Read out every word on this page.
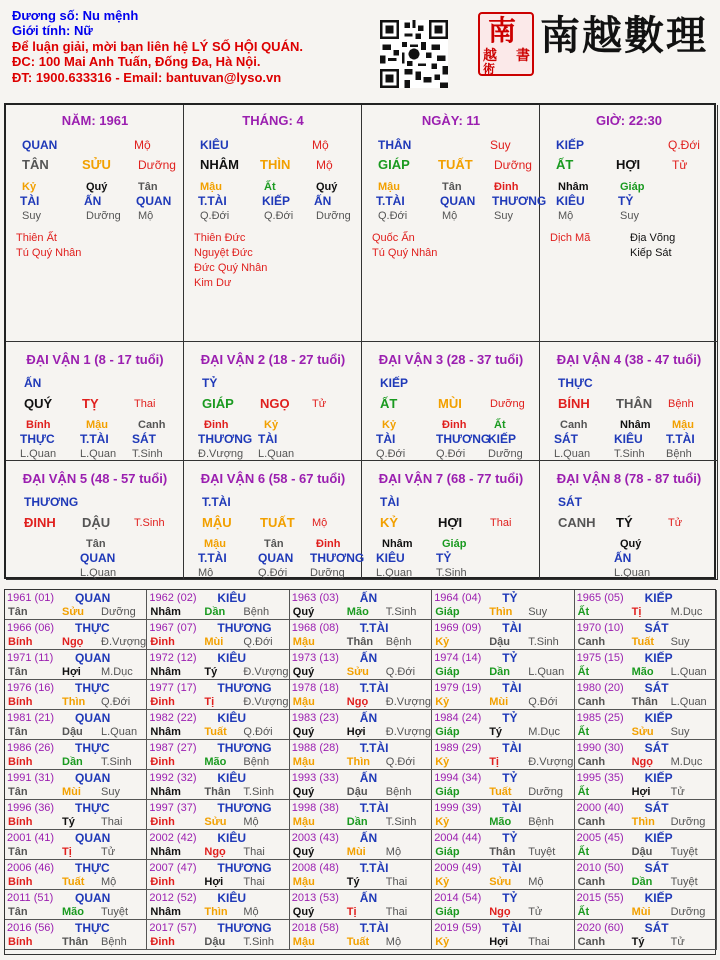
Đương số: Nu mệnh
Giới tính: Nữ
Để luận giải, mời bạn liên hệ LÝ SỐ HỘI QUÁN.
ĐC: 100 Mai Anh Tuấn, Đống Đa, Hà Nội.
ĐT: 1900.633316 - Email: bantuvan@lyso.vn
南
越
術
書 南越數理
NĂM: 1961
QUAN	Mộ
TÂN	SỬU Dưỡng
Kỷ
TÀI
Suy
Quý
ẤN
Dưỡng
Tân
QUAN
Mộ
Thiên Ất
Tú Quý Nhân
THÁNG: 4
KIÊU	Mộ
NHÂM THÌN Mộ
Mậu
T.TÀI
Q.Đới
Ất
KIẾP
Q.Đới
Quý
ẤN
Dưỡng
Thiên Đức
Nguyệt Đức
Đức Quý Nhân
Kim Dư
NGÀY: 11
THÂN	Suy
GIÁP TUẤT Dưỡng
Mậu
T.TÀI
Q.Đới
Tân
QUAN
Mộ
Đinh
THƯƠNG
Suy
Quốc Ấn
Tú Quý Nhân
GIỜ: 22:30
KIẾP	Q.Đới
ẤT	HỢI	Tử
Nhâm
KIÊU
Mộ
Giáp
TỶ
Suy
Dịch Mã	Địa Võng
Kiếp Sát
ĐẠI VẬN 1 (8 - 17 tuổi)
ẤN
QUÝ TỴ	Thai
Bính
THỰC
L.Quan
Mậu
T.TÀI
L.Quan
Canh
SÁT
T.Sinh
ĐẠI VẬN 2 (18 - 27 tuổi)
TỶ
GIÁP NGỌ Tử
Đinh
THƯƠNG
Đ.Vượng
Kỷ
TÀI
L.Quan
ĐẠI VẬN 3 (28 - 37 tuổi)
KIẾP
ẤT	MÙI	Dưỡng
Kỷ
TÀI
Q.Đới
Đinh
THƯƠNG
Q.Đới
Ất
KIẾP
Dưỡng
ĐẠI VẬN 4 (38 - 47 tuổi)
THỰC
BÍNH THÂN Bệnh
Canh
SÁT
L.Quan
Nhâm
KIÊU
T.Sinh
Mậu
T.TÀI
Bệnh
ĐẠI VẬN 5 (48 - 57 tuổi)
THƯƠNG
ĐINH DẬU T.Sinh
Tân
QUAN
L.Quan
ĐẠI VẬN 6 (58 - 67 tuổi)
T.TÀI
MẬU TUẤT Mộ
Mậu
T.TÀI
Mộ
Tân
QUAN
Q.Đới
Đinh
THƯƠNG
Dưỡng
ĐẠI VẬN 7 (68 - 77 tuổi)
TÀI
KỶ	HỢI	Thai
Nhâm
KIÊU
L.Quan
Giáp
TỶ
T.Sinh
ĐẠI VẬN 8 (78 - 87 tuổi)
SÁT
CANH TÝ	Tử
Quý
ẤN
L.Quan
1961 (01) QUAN
Tân	Sửu Dưỡng
1962 (02) KIÊU
Nhâm Dần Bệnh
1963 (03) ẤN
Quý	Mão T.Sinh
1964 (04) TỶ
Giáp	Thìn Suy
1965 (05) KIẾP
Ất	Tị	M.Dục
1966 (06) THỰC
Bính	Ngọ Đ.Vượng
1967 (07) THƯƠNG
Đinh	Mùi Q.Đới
1968 (08) T.TÀI
Mậu	Thân Bệnh
1969 (09) TÀI
Kỷ	Dậu T.Sinh
1970 (10) SÁT
Canh Tuất Suy
1971 (11) QUAN
Tân	Hợi M.Dục
1972 (12) KIÊU
Nhâm Tý Đ.Vượng
1973 (13) ẤN
Quý	Sửu Q.Đới
1974 (14) TỶ
Giáp	Dần L.Quan
1975 (15) KIẾP
Ất	Mão L.Quan
1976 (16) THỰC
Bính	Thìn Q.Đới
1977 (17) THƯƠNG
Đinh	Tị	Đ.Vượng
1978 (18) T.TÀI
Mậu	Ngọ Đ.Vượng
1979 (19) TÀI
Kỷ	Mùi Q.Đới
1980 (20) SÁT
Canh Thân L.Quan
1981 (21) QUAN
Tân	Dậu L.Quan
1982 (22) KIÊU
Nhâm Tuất Q.Đới
1983 (23) ẤN
Quý	Hợi Đ.Vượng
1984 (24) TỶ
Giáp	Tý M.Dục
1985 (25) KIẾP
Ất	Sửu Suy
1986 (26) THỰC
Bính	Dần T.Sinh
1987 (27) THƯƠNG
Đinh	Mão Bệnh
1988 (28) T.TÀI
Mậu	Thìn Q.Đới
1989 (29) TÀI
Kỷ	Tị	Đ.Vượng
1990 (30) SÁT
Canh Ngọ M.Dục
1991 (31) QUAN
Tân	Mùi Suy
1992 (32) KIÊU
Nhâm Thân T.Sinh
1993 (33) ẤN
Quý	Dậu Bệnh
1994 (34) TỶ
Giáp	Tuất Dưỡng
1995 (35) KIẾP
Ất	Hợi Tử
1996 (36) THỰC
Bính	Tý Thai
1997 (37) THƯƠNG
Đinh	Sửu Mộ
1998 (38) T.TÀI
Mậu	Dần T.Sinh
1999 (39) TÀI
Kỷ	Mão Bệnh
2000 (40) SÁT
Canh Thìn Dưỡng
2001 (41) QUAN
Tân	Tị	Tử
2002 (42) KIÊU
Nhâm Ngọ Thai
2003 (43) ẤN
Quý	Mùi Mộ
2004 (44) TỶ
Giáp	Thân Tuyệt
2005 (45) KIẾP
Ất	Dậu Tuyệt
2006 (46) THỰC
Bính	Tuất Mộ
2007 (47) THƯƠNG
Đinh	Hợi Thai
2008 (48) T.TÀI
Mậu	Tý Thai
2009 (49) TÀI
Kỷ	Sửu Mộ
2010 (50) SÁT
Canh Dần Tuyệt
2011 (51) QUAN
Tân	Mão Tuyệt
2012 (52) KIÊU
Nhâm Thìn Mộ
2013 (53) ẤN
Quý	Tị	Thai
2014 (54) TỶ
Giáp	Ngọ Tử
2015 (55) KIẾP
Ất	Mùi Dưỡng
2016 (56) THỰC
Bính	Thân Bệnh
2017 (57) THƯƠNG
Đinh	Dậu T.Sinh
2018 (58) T.TÀI
Mậu	Tuất Mộ
2019 (59) TÀI
Kỷ	Hợi Thai
2020 (60) SÁT
Canh Tý Tử
